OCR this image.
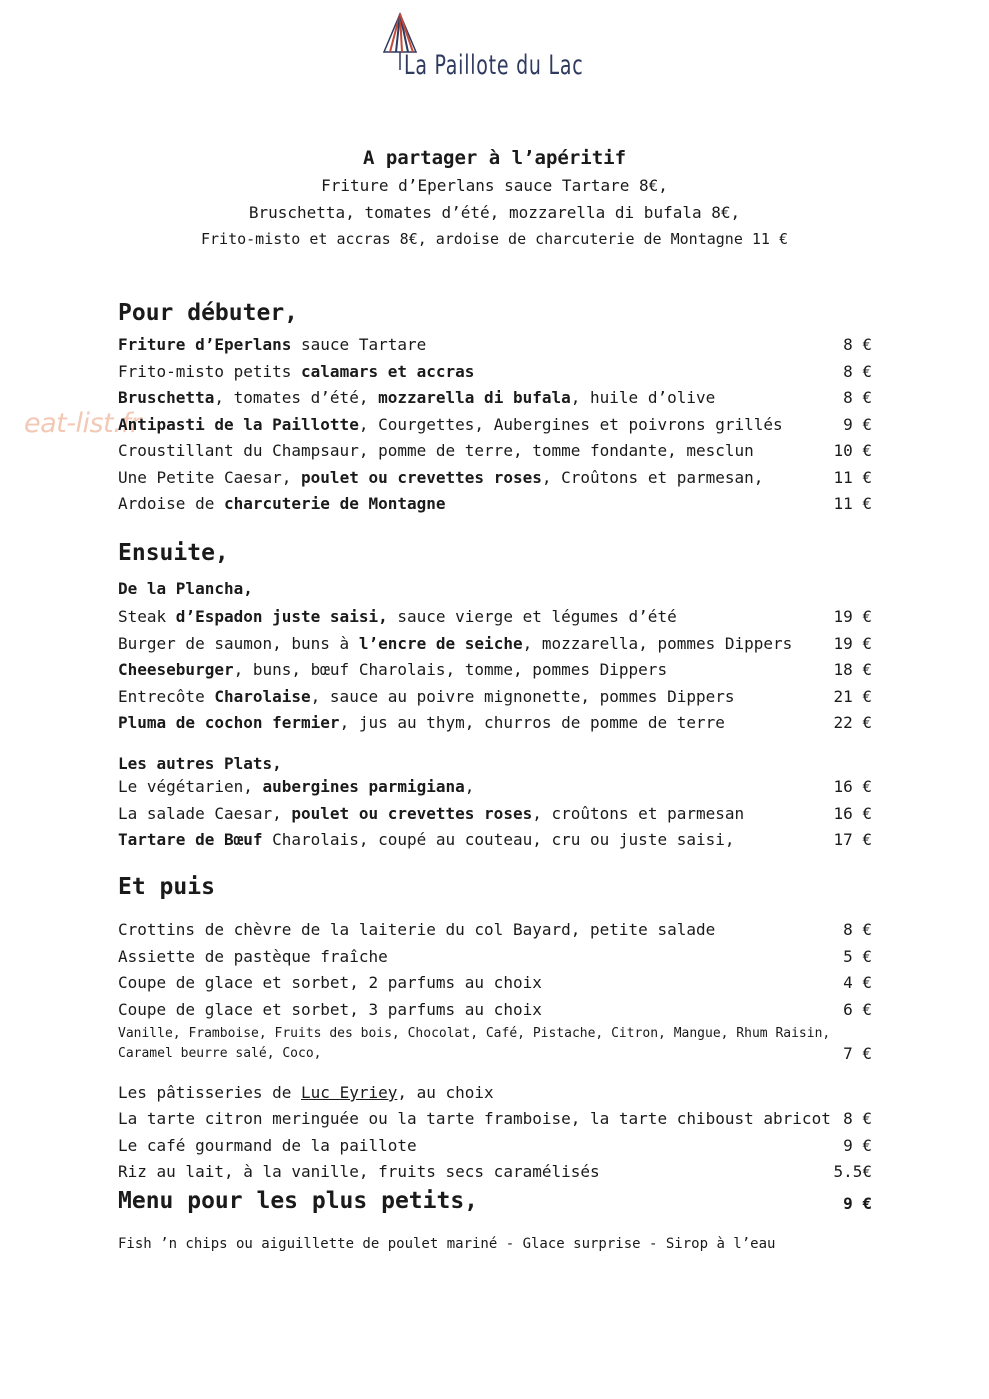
La Paillote du Lac
eat-list.fr
A partager à l’apéritif
Friture d’Eperlans sauce Tartare 8€,
Bruschetta, tomates d’été, mozzarella di bufala 8€,
Frito-misto et accras 8€, ardoise de charcuterie de Montagne 11 €
Pour débuter,
Friture d’Eperlans sauce Tartare	8 €
Frito-misto petits calamars et accras	8 €
Bruschetta, tomates d’été, mozzarella di bufala, huile d’olive	8 €
Antipasti de la Paillotte, Courgettes, Aubergines et poivrons grillés	9 €
Croustillant du Champsaur, pomme de terre, tomme fondante, mesclun	10 €
Une Petite Caesar, poulet ou crevettes roses, Croûtons et parmesan,	11 €
Ardoise de charcuterie de Montagne	11 €
Ensuite,
De la Plancha,
Steak d’Espadon juste saisi, sauce vierge et légumes d’été	19 €
Burger de saumon, buns à l’encre de seiche, mozzarella, pommes Dippers	19 €
Cheeseburger, buns, bœuf Charolais, tomme, pommes Dippers	18 €
Entrecôte Charolaise, sauce au poivre mignonette, pommes Dippers	21 €
Pluma de cochon fermier, jus au thym, churros de pomme de terre	22 €
Les autres Plats,
Le végétarien, aubergines parmigiana,	16 €
La salade Caesar, poulet ou crevettes roses, croûtons et parmesan	16 €
Tartare de Bœuf Charolais, coupé au couteau, cru ou juste saisi,	17 €
Et puis
Crottins de chèvre de la laiterie du col Bayard, petite salade	8 €
Assiette de pastèque fraîche	5 €
Coupe de glace et sorbet, 2 parfums au choix	4 €
Coupe de glace et sorbet, 3 parfums au choix	6 €
Vanille, Framboise, Fruits des bois, Chocolat, Café, Pistache, Citron, Mangue, Rhum Raisin,
Caramel beurre salé, Coco,	7 €
Les pâtisseries de Luc Eyriey, au choix
La tarte citron meringuée ou la tarte framboise, la tarte chiboust abricot 8 €
Le café gourmand de la paillote	9 €
Riz au lait, à la vanille, fruits secs caramélisés	5.5€
Menu pour les plus petits,	9 €
Fish ’n chips ou aiguillette de poulet mariné - Glace surprise - Sirop à l’eau
